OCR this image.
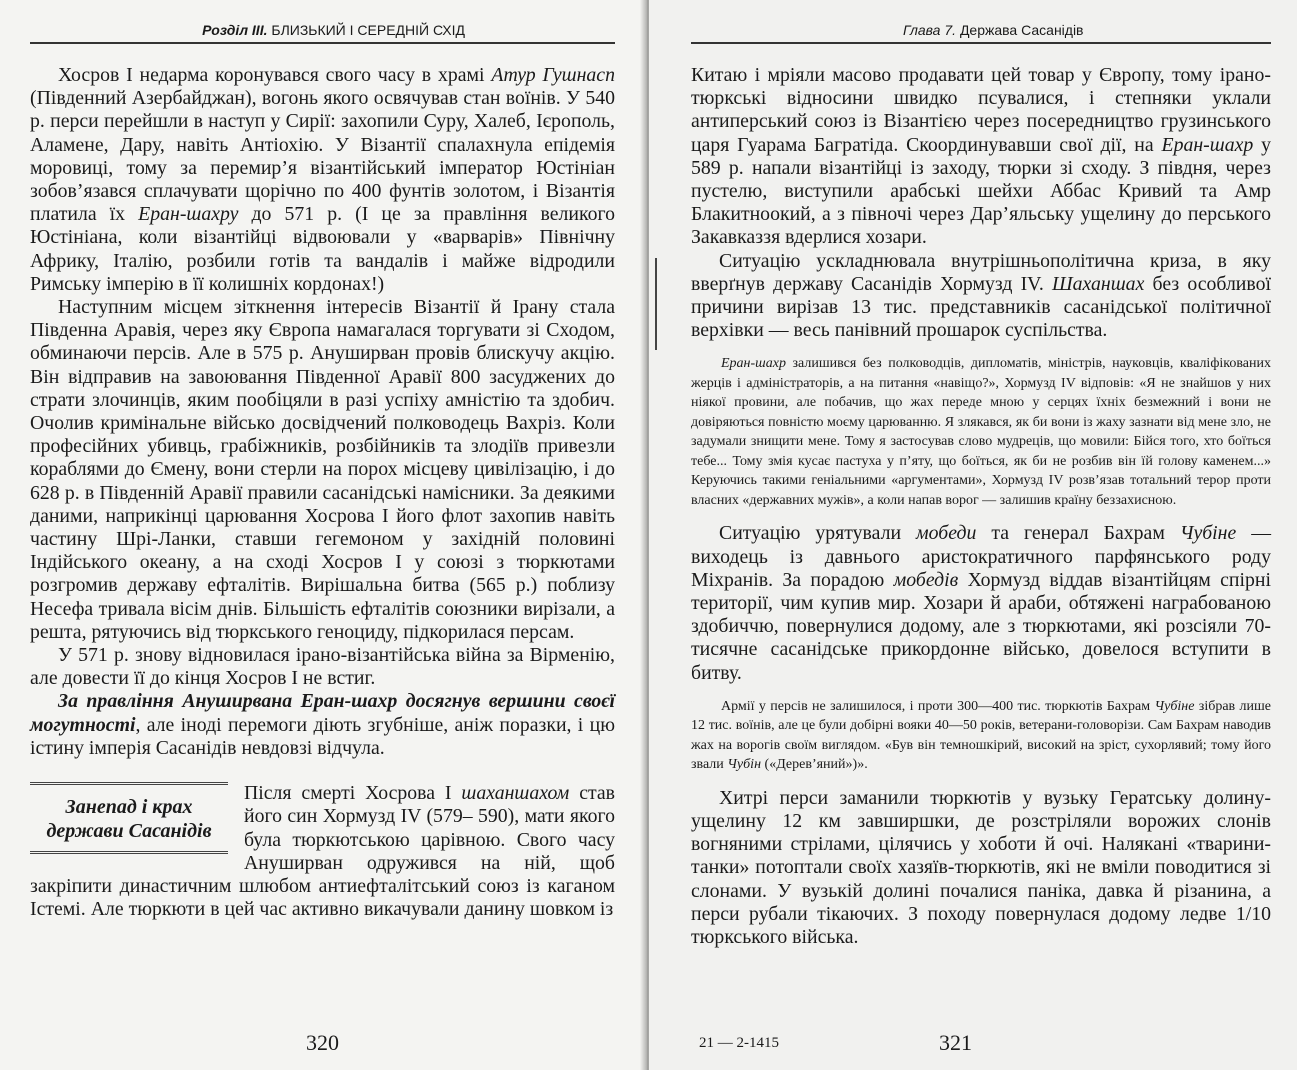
Розділ III. БЛИЗЬКИЙ І СЕРЕДНІЙ СХІД

Хосров I недарма коронувався свого часу в храмі Атур Гушнасп (Південний Азербайджан), вогонь якого освячував стан воїнів. У 540 р. перси перейшли в наступ у Сирії: захопили Суру, Халеб, Ієрополь, Аламене, Дару, навіть Антіохію. У Візантії спалахнула епідемія моровиці, тому за перемир’я візантійський імператор Юстініан зобов’язався сплачувати щорічно по 400 фунтів золотом, і Візантія платила їх Еран-шахру до 571 р. (І це за правління великого Юстініана, коли візантійці відвоювали у «варварів» Північну Африку, Італію, розбили готів та вандалів і майже відродили Римську імперію в її колишніх кордонах!)

Наступним місцем зіткнення інтересів Візантії й Ірану стала Південна Аравія, через яку Європа намагалася торгувати зі Сходом, обминаючи персів. Але в 575 р. Ануширван провів блискучу акцію. Він відправив на завоювання Південної Аравії 800 засуджених до страти злочинців, яким пообіцяли в разі успіху амністію та здобич. Очолив кримінальне військо досвідчений полководець Вахріз. Коли професійних убивць, грабіжників, розбійників та злодіїв привезли кораблями до Ємену, вони стерли на порох місцеву цивілізацію, і до 628 р. в Південній Аравії правили сасанідські намісники. За деякими даними, наприкінці царювання Хосрова I його флот захопив навіть частину Шрі-Ланки, ставши гегемоном у західній половині Індійського океану, а на сході Хосров I у союзі з тюркютами розгромив державу ефталітів. Вирішальна битва (565 р.) поблизу Несефа тривала вісім днів. Більшість ефталітів союзники вирізали, а решта, рятуючись від тюркського геноциду, підкорилася персам.

У 571 р. знову відновилася ірано-візантійська війна за Вірменію, але довести її до кінця Хосров I не встиг.

За правління Ануширвана Еран-шахр досягнув вершини своєї могутності, але іноді перемоги діють згубніше, аніж поразки, і цю істину імперія Сасанідів невдовзі відчула.

Занепад і крах держави Сасанідів

Після смерті Хосрова I шаханшахом став його син Хормузд IV (579– 590), мати якого була тюркютською царівною. Свого часу Ануширван одружився на ній, щоб закріпити династичним шлюбом антиефталітський союз із каганом Істемі. Але тюркюти в цей час активно викачували данину шовком із

320
Глава 7. Держава Сасанідів

Китаю і мріяли масово продавати цей товар у Європу, тому ірано-тюркські відносини швидко псувалися, і степняки уклали антиперський союз із Візантією через посередництво грузинського царя Гуарама Багратіда. Скоординувавши свої дії, на Еран-шахр у 589 р. напали візантійці із заходу, тюрки зі сходу. З півдня, через пустелю, виступили арабські шейхи Аббас Кривий та Амр Блакитноокий, а з півночі через Дар’яльську ущелину до перського Закавказзя вдерлися хозари.

Ситуацію ускладнювала внутрішньополітична криза, в яку вверґнув державу Сасанідів Хормузд IV. Шаханшах без особливої причини вирізав 13 тис. представників сасанідської політичної верхівки — весь панівний прошарок суспільства.

Еран-шахр залишився без полководців, дипломатів, міністрів, науковців, кваліфікованих жерців і адміністраторів, а на питання «навіщо?», Хормузд IV відповів: «Я не знайшов у них ніякої провини, але побачив, що жах переде мною у серцях їхніх безмежний і вони не довіряються повністю моєму царюванню. Я злякався, як би вони із жаху зазнати від мене зло, не задумали знищити мене. Тому я застосував слово мудреців, що мовили: Бійся того, хто боїться тебе... Тому змія кусає пастуха у п’яту, що боїться, як би не розбив він їй голову каменем...» Керуючись такими геніальними «аргументами», Хормузд IV розв’язав тотальний терор проти власних «державних мужів», а коли напав ворог — залишив країну беззахисною.

Ситуацію урятували мобеди та генерал Бахрам Чубіне — виходець із давнього аристократичного парфянського роду Міхранів. За порадою мобедів Хормузд віддав візантійцям спірні території, чим купив мир. Хозари й араби, обтяжені награбованою здобиччю, повернулися додому, але з тюркютами, які розсіяли 70-тисячне сасанідське прикордонне військо, довелося вступити в битву.

Армії у персів не залишилося, і проти 300—400 тис. тюркютів Бахрам Чубіне зібрав лише 12 тис. воїнів, але це були добірні вояки 40—50 років, ветерани-головорізи. Сам Бахрам наводив жах на ворогів своїм виглядом. «Був він темношкірий, високий на зріст, сухорлявий; тому його звали Чубін («Дерев’яний»)».

Хитрі перси заманили тюркютів у вузьку Гератську долину-ущелину 12 км завширшки, де розстріляли ворожих слонів вогняними стрілами, цілячись у хоботи й очі. Налякані «тварини-танки» потоптали своїх хазяїв-тюркютів, які не вміли поводитися зі слонами. У вузькій долині почалися паніка, давка й різанина, а перси рубали тікаючих. З походу повернулася додому ледве 1/10 тюркського війська.

21 — 2-1415	321
